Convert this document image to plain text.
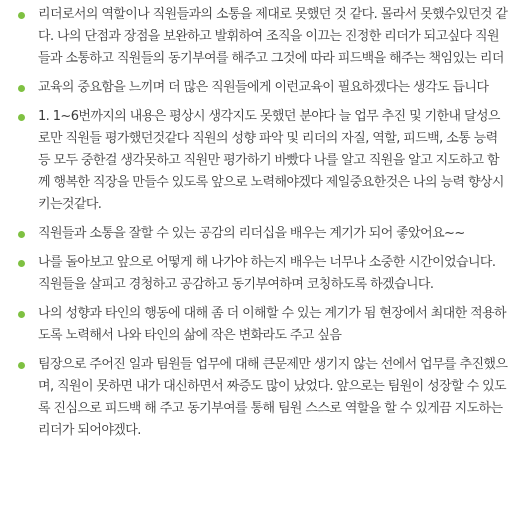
리더로서의 역할이나 직원들과의 소통을 제대로 못했던 것 같다. 몰라서 못했수있던것 같다. 나의 단점과 장점을 보완하고 발휘하여 조직을 이끄는 진정한 리더가 되고싶다 직원들과 소통하고 직원들의 동기부여를 해주고 그것에 따라 피드백을 해주는 책임있는 리더
교육의 중요함을 느끼며 더 많은 직원들에게 이런교육이 필요하겠다는 생각도 듭니다
1. 1~6번까지의 내용은 평상시 생각지도 못했던 분야다 늘 업무 추진 및 기한내 달성으로만 직원들 평가했던것같다 직원의 성향 파악 및 리더의 자질, 역할, 피드백, 소통 능력 등 모두 중한걸 생각못하고 직원만 평가하기 바빴다 나를 알고 직원을 알고 지도하고 함께 행복한 직장을 만들수 있도록 앞으로 노력해야겠다 제일중요한것은 나의 능력 향상시키는것같다.
직원들과 소통을 잘할 수 있는 공감의 리더십을 배우는 계기가 되어 좋았어요~~
나를 돌아보고 앞으로 어떻게 해 나가야 하는지 배우는 너무나 소중한 시간이었습니다. 직원들을 살피고 경청하고 공감하고 동기부여하며 코칭하도록 하겠습니다.
나의 성향과 타인의 행동에 대해 좀 더 이해할 수 있는 계기가 됨 현장에서 최대한 적용하도록 노력해서 나와 타인의 삶에 작은 변화라도 주고 싶음
팀장으로 주어진 일과 팀원들 업무에 대해 큰문제만 생기지 않는 선에서 업무를 추진했으며, 직원이 못하면 내가 대신하면서 짜증도 많이 났었다. 앞으로는 팀원이 성장할 수 있도록 진심으로 피드백 해 주고 동기부여를 통해 팀원 스스로 역할을 할 수 있게끔 지도하는 리더가 되어야겠다.
